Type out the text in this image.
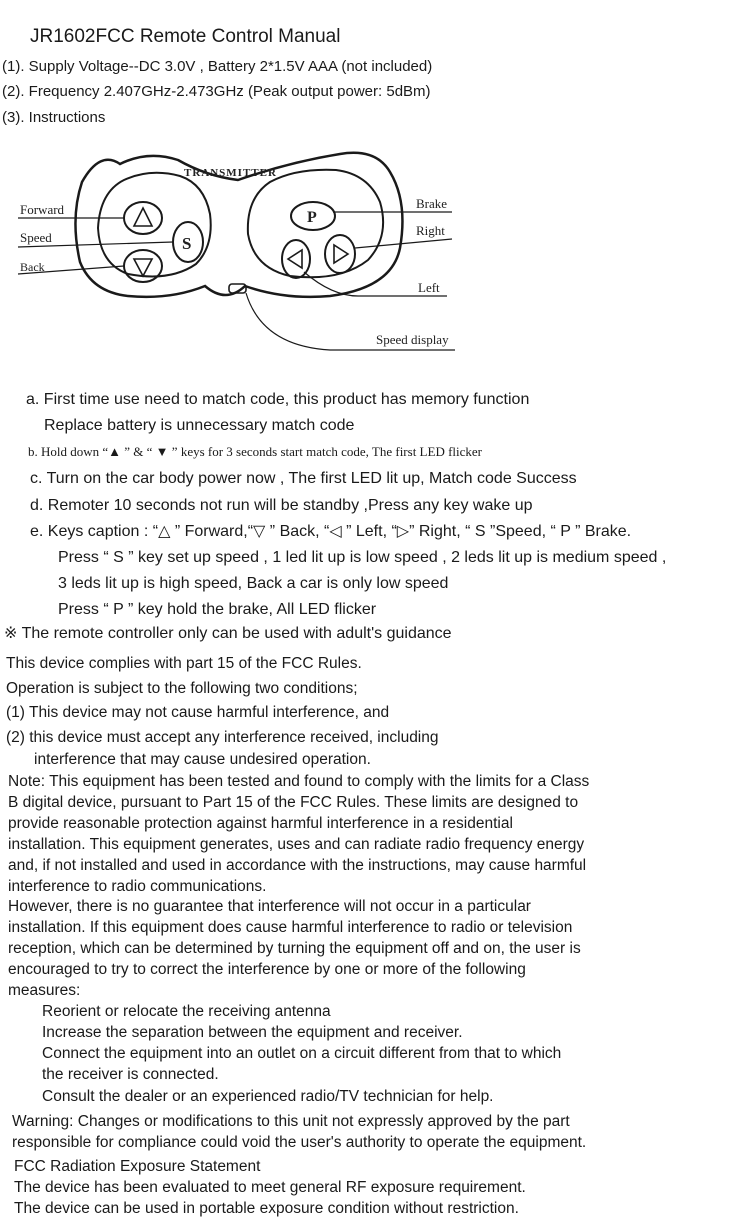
JR1602FCC Remote Control Manual

(1). Supply Voltage--DC 3.0V , Battery 2*1.5V AAA (not included)

(2). Frequency 2.407GHz-2.473GHz (Peak output power: 5dBm)

(3). Instructions

TRANSMITTER
Forward
Speed
Back
Brake
Right
Left
Speed display
S
P

a. First time use need to match code, this product has memory function

Replace battery is unnecessary match code

b. Hold down “▲ ” & “ ▼ ” keys for 3 seconds start match code, The first LED flicker

c. Turn on the car body power now , The first LED lit up, Match code Success

d. Remoter 10 seconds not run will be standby ,Press any key wake up

e. Keys caption : “△ ” Forward,“▽ ” Back, “◁ ” Left, “▷” Right, “ S ”Speed, “ P ” Brake.

Press “ S ” key set up speed , 1 led lit up is low speed , 2 leds lit up is medium speed ,

3 leds lit up is high speed, Back a car is only low speed

Press “ P ” key hold the brake, All LED flicker

※ The remote controller only can be used with adult's guidance

This device complies with part 15 of the FCC Rules.

Operation is subject to the following two conditions;

(1) This device may not cause harmful interference, and

(2) this device must accept any interference received, including

interference that may cause undesired operation.

Note: This equipment has been tested and found to comply with the limits for a Class

B digital device, pursuant to Part 15 of the FCC Rules. These limits are designed to

provide reasonable protection against harmful interference in a residential

installation. This equipment generates, uses and can radiate radio frequency energy

and, if not installed and used in accordance with the instructions, may cause harmful

interference to radio communications.

However, there is no guarantee that interference will not occur in a particular

installation. If this equipment does cause harmful interference to radio or television

reception, which can be determined by turning the equipment off and on, the user is

encouraged to try to correct the interference by one or more of the following

measures:

Reorient or relocate the receiving antenna

Increase the separation between the equipment and receiver.

Connect the equipment into an outlet on a circuit different from that to which

the receiver is connected.

Consult the dealer or an experienced radio/TV technician for help.

Warning: Changes or modifications to this unit not expressly approved by the part

responsible for compliance could void the user's authority to operate the equipment.

FCC Radiation Exposure Statement

The device has been evaluated to meet general RF exposure requirement.

The device can be used in portable exposure condition without restriction.
